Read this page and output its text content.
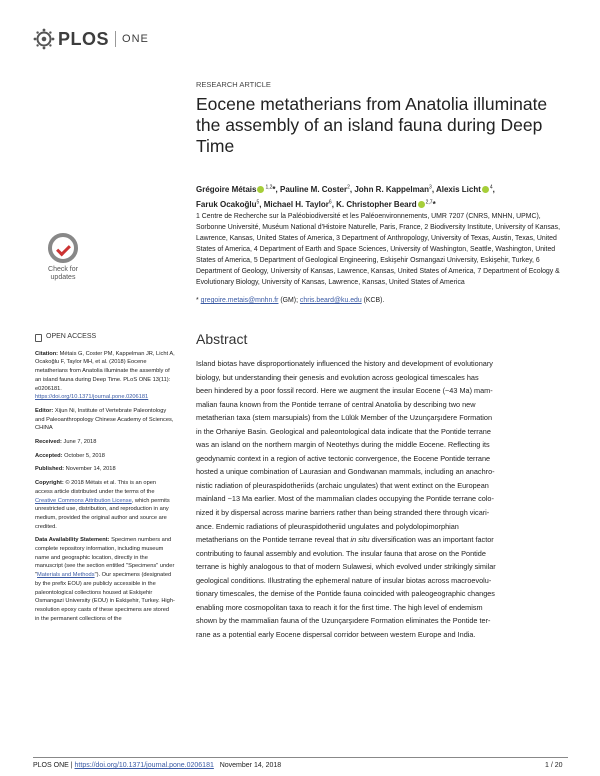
PLOS ONE
Check for
updates
RESEARCH ARTICLE
Eocene metatherians from Anatolia illuminate the assembly of an island fauna during Deep Time
Grégoire Métais $^{1,2}$*, Pauline M. Coster$^2$, John R. Kappelman$^3$, Alexis Licht $^4$,
Faruk Ocakoğlu$^5$, Michael H. Taylor$^6$, K. Christopher Beard $^{2,7}$*
1 Centre de Recherche sur la Paléobiodiversité et les Paléoenvironnements, UMR 7207 (CNRS, MNHN, UPMC), Sorbonne Université, Muséum National d'Histoire Naturelle, Paris, France, 2 Biodiversity Institute, University of Kansas, Lawrence, Kansas, United States of America, 3 Department of Anthropology, University of Texas, Austin, Texas, United States of America, 4 Department of Earth and Space Sciences, University of Washington, Seattle, Washington, United States of America, 5 Department of Geological Engineering, Eskişehir Osmangazi University, Eskişehir, Turkey, 6 Department of Geology, University of Kansas, Lawrence, Kansas, United States of America, 7 Department of Ecology & Evolutionary Biology, University of Kansas, Lawrence, Kansas, United States of America
* gregoire.metais@mnhn.fr (GM); chris.beard@ku.edu (KCB).
Abstract
Island biotas have disproportionately influenced the history and development of evolutionary
biology, but understanding their genesis and evolution across geological timescales has
been hindered by a poor fossil record. Here we augment the insular Eocene (~43 Ma) mam-
malian fauna known from the Pontide terrane of central Anatolia by describing two new
metatherian taxa (stem marsupials) from the Lülük Member of the Uzunçarşıdere Formation
in the Orhaniye Basin. Geological and paleontological data indicate that the Pontide terrane
was an island on the northern margin of Neotethys during the middle Eocene. Reflecting its
geodynamic context in a region of active tectonic convergence, the Eocene Pontide terrane
hosted a unique combination of Laurasian and Gondwanan mammals, including an anachro-
nistic radiation of pleuraspidotheriids (archaic ungulates) that went extinct on the European
mainland ~13 Ma earlier. Most of the mammalian clades occupying the Pontide terrane colo-
nized it by dispersal across marine barriers rather than being stranded there through vicari-
ance. Endemic radiations of pleuraspidotheriid ungulates and polydolopimorphian
metatherians on the Pontide terrane reveal that in situ diversification was an important factor
contributing to faunal assembly and evolution. The insular fauna that arose on the Pontide
terrane is highly analogous to that of modern Sulawesi, which evolved under strikingly similar
geological conditions. Illustrating the ephemeral nature of insular biotas across macroevolu-
tionary timescales, the demise of the Pontide fauna coincided with paleogeographic changes
enabling more cosmopolitan taxa to reach it for the first time. The high level of endemism
shown by the mammalian fauna of the Uzunçarşıdere Formation eliminates the Pontide ter-
rane as a potential early Eocene dispersal corridor between western Europe and India.
OPEN ACCESS

Citation: Métais G, Coster PM, Kappelman JR, Licht A, Ocakoğlu F, Taylor MH, et al. (2018) Eocene metatherians from Anatolia illuminate the assembly of an island fauna during Deep Time. PLoS ONE 13(11): e0206181. https://doi.org/10.1371/journal.pone.0206181

Editor: Xijun Ni, Institute of Vertebrate Paleontology and Paleoanthropology Chinese Academy of Sciences, CHINA

Received: June 7, 2018

Accepted: October 5, 2018

Published: November 14, 2018

Copyright: © 2018 Métais et al. This is an open access article distributed under the terms of the Creative Commons Attribution License, which permits unrestricted use, distribution, and reproduction in any medium, provided the original author and source are credited.

Data Availability Statement: Specimen numbers and complete repository information, including museum name and geographic location, directly in the manuscript (see the section entitled "Specimens" under "Materials and Methods"). Our specimens (designated by the prefix EOU) are publicly accessible in the paleontological collections housed at Eskişehir Osmangazi University (EOU) in Eskişehir, Turkey. High-resolution epoxy casts of these specimens are stored in the permanent collections of the

PLOS ONE | https://doi.org/10.1371/journal.pone.0206181 November 14, 2018	1 / 20
